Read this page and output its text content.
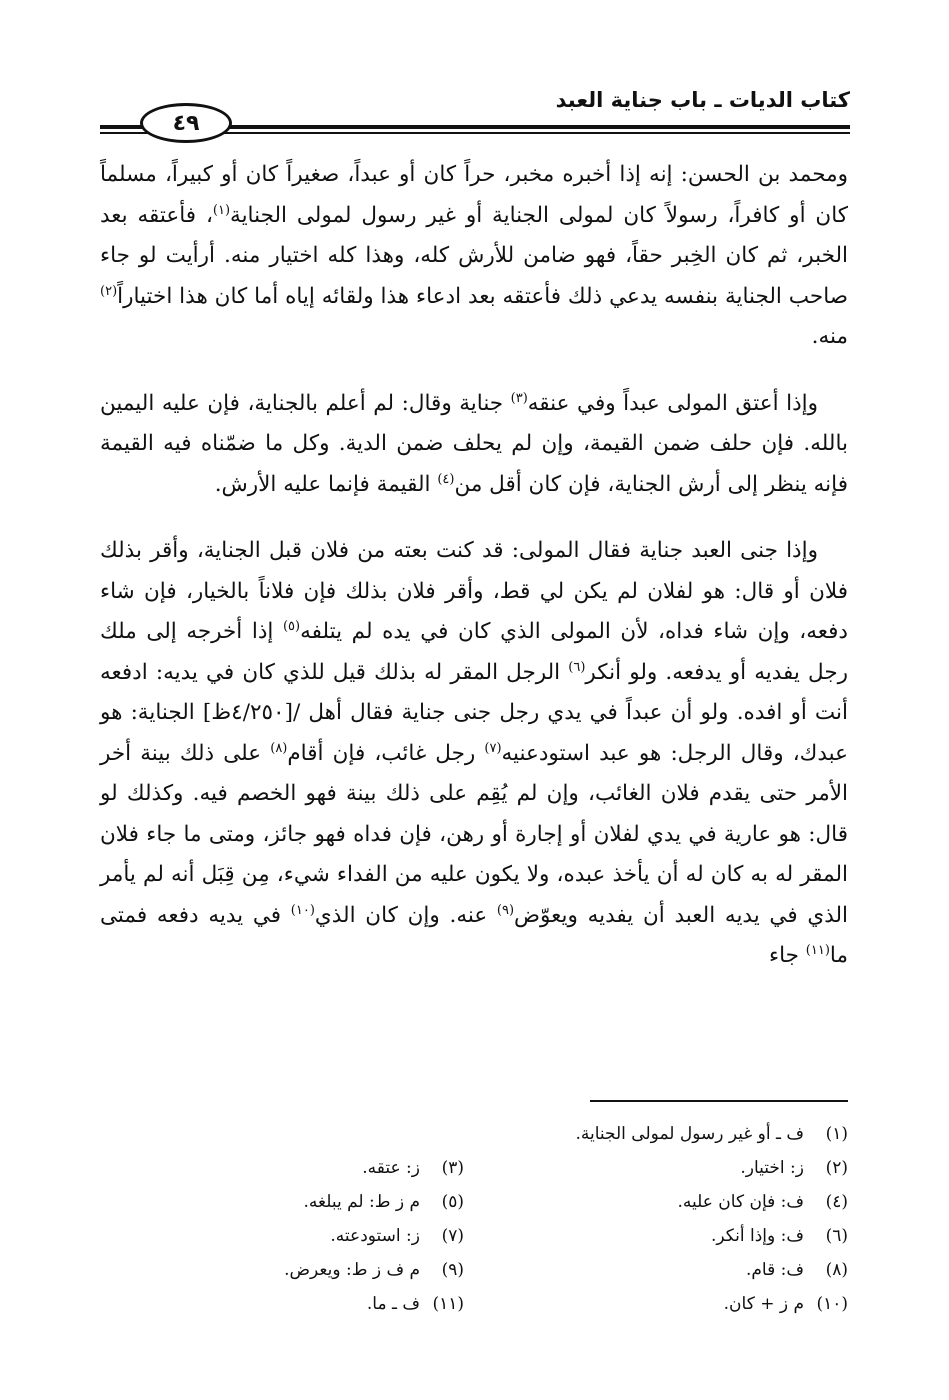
كتاب الديات ـ باب جناية العبد
٤٩

ومحمد بن الحسن: إنه إذا أخبره مخبر، حراً كان أو عبداً، صغيراً كان أو كبيراً، مسلماً كان أو كافراً، رسولاً كان لمولى الجناية أو غير رسول لمولى الجناية$^{(١)}$، فأعتقه بعد الخبر، ثم كان الخِبر حقاً، فهو ضامن للأرش كله، وهذا كله اختيار منه. أرأيت لو جاء صاحب الجناية بنفسه يدعي ذلك فأعتقه بعد ادعاء هذا ولقائه إياه أما كان هذا اختياراً$^{(٢)}$ منه.

وإذا أعتق المولى عبداً وفي عنقه$^{(٣)}$ جناية وقال: لم أعلم بالجناية، فإن عليه اليمين بالله. فإن حلف ضمن القيمة، وإن لم يحلف ضمن الدية. وكل ما ضمّناه فيه القيمة فإنه ينظر إلى أرش الجناية، فإن كان أقل من$^{(٤)}$ القيمة فإنما عليه الأرش.

وإذا جنى العبد جناية فقال المولى: قد كنت بعته من فلان قبل الجناية، وأقر بذلك فلان أو قال: هو لفلان لم يكن لي قط، وأقر فلان بذلك فإن فلاناً بالخيار، فإن شاء دفعه، وإن شاء فداه، لأن المولى الذي كان في يده لم يتلفه$^{(٥)}$ إذا أخرجه إلى ملك رجل يفديه أو يدفعه. ولو أنكر$^{(٦)}$ الرجل المقر له بذلك قيل للذي كان في يديه: ادفعه أنت أو افده. ولو أن عبداً في يدي رجل جنى جناية فقال أهل /[٤/٢٥٠ظ] الجناية: هو عبدك، وقال الرجل: هو عبد استودعنيه$^{(٧)}$ رجل غائب، فإن أقام$^{(٨)}$ على ذلك بينة أخر الأمر حتى يقدم فلان الغائب، وإن لم يُقِم على ذلك بينة فهو الخصم فيه. وكذلك لو قال: هو عارية في يدي لفلان أو إجارة أو رهن، فإن فداه فهو جائز، ومتى ما جاء فلان المقر له به كان له أن يأخذ عبده، ولا يكون عليه من الفداء شيء، مِن قِبَل أنه لم يأمر الذي في يديه العبد أن يفديه ويعوّض$^{(٩)}$ عنه. وإن كان الذي$^{(١٠)}$ في يديه دفعه فمتى ما$^{(١١)}$ جاء

(١)ف ـ أو غير رسول لمولى الجناية.
(٢)ز: اختيار.
(٣)ز: عتقه.
(٤)ف: فإن كان عليه.
(٥)م ز ط: لم يبلغه.
(٦)ف: وإذا أنكر.
(٧)ز: استودعته.
(٨)ف: قام.
(٩)م ف ز ط: ويعرض.
(١٠)م ز + كان.
(١١)ف ـ ما.
